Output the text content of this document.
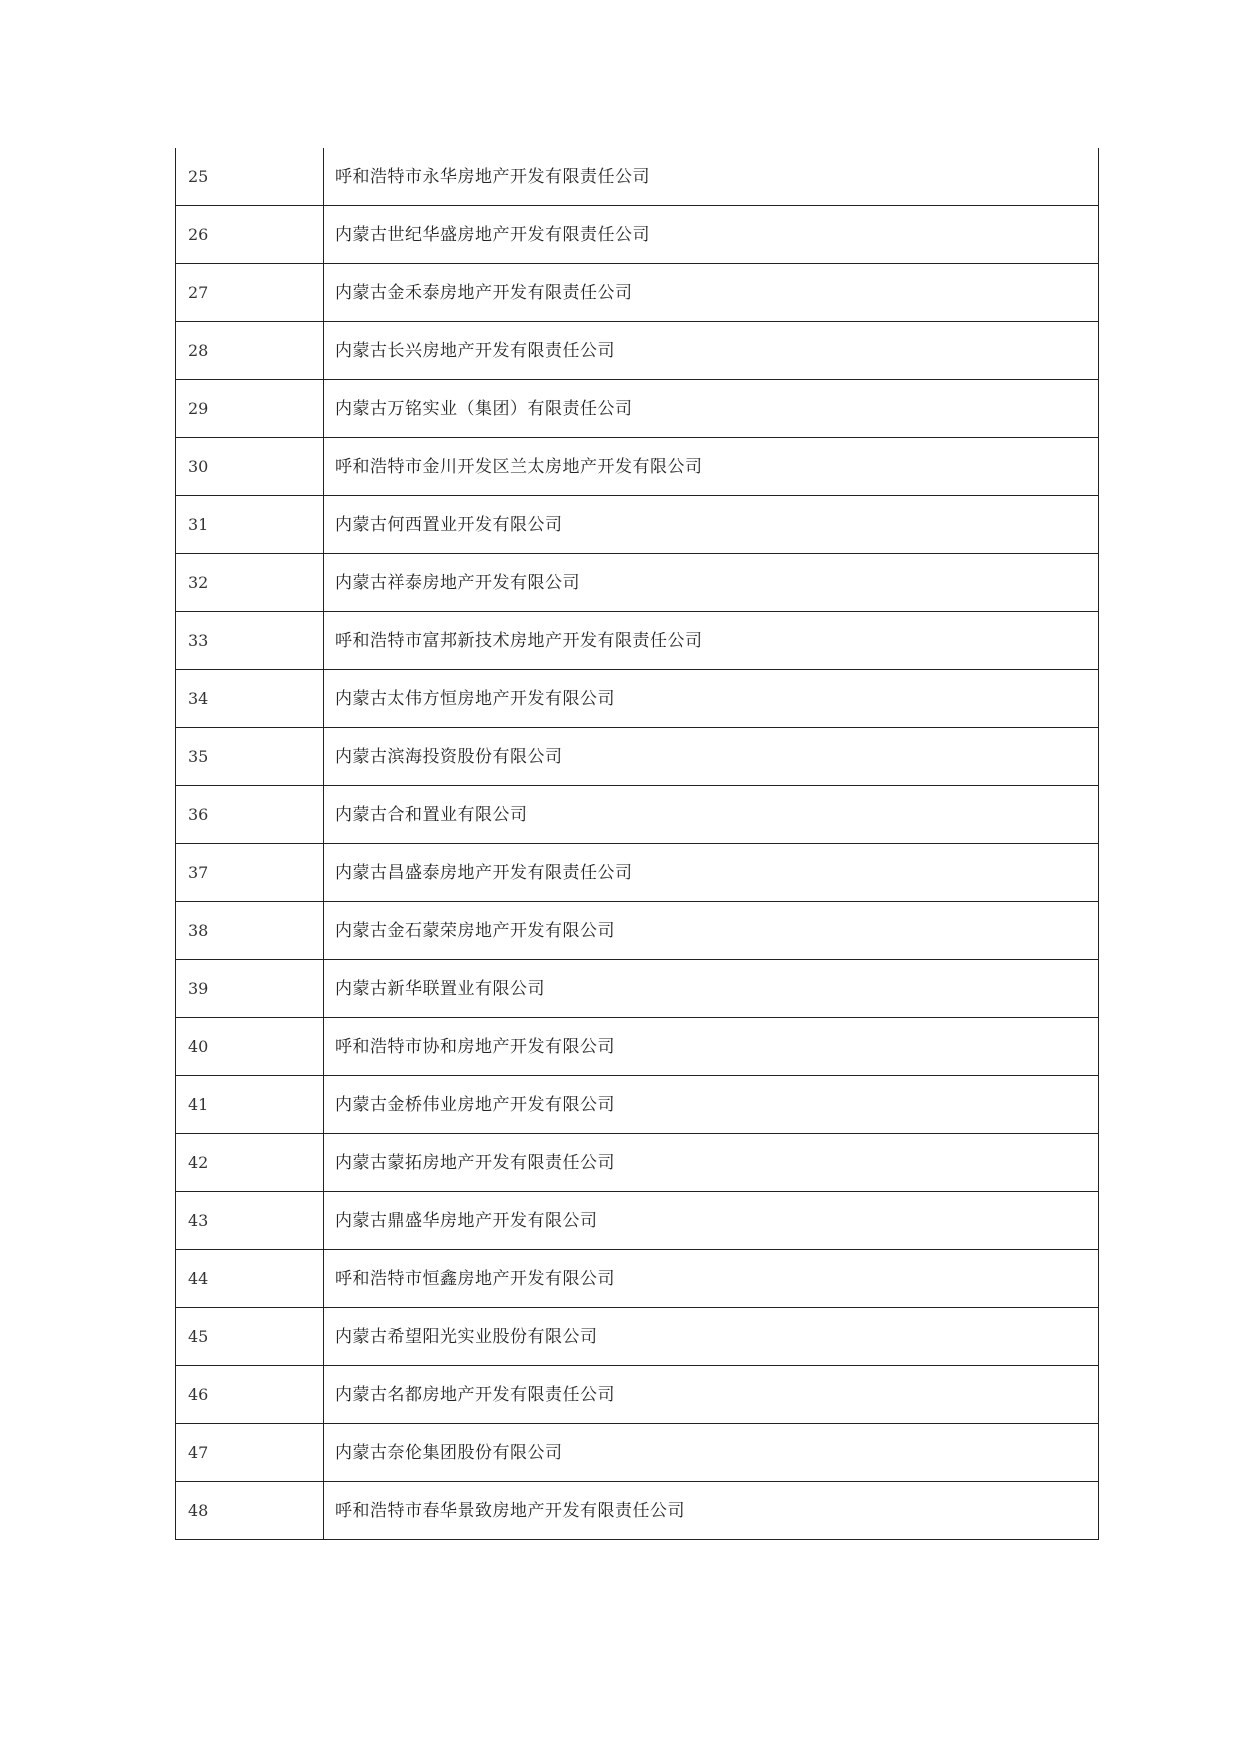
25	呼和浩特市永华房地产开发有限责任公司
26	内蒙古世纪华盛房地产开发有限责任公司
27	内蒙古金禾泰房地产开发有限责任公司
28	内蒙古长兴房地产开发有限责任公司
29	内蒙古万铭实业（集团）有限责任公司
30	呼和浩特市金川开发区兰太房地产开发有限公司
31	内蒙古何西置业开发有限公司
32	内蒙古祥泰房地产开发有限公司
33	呼和浩特市富邦新技术房地产开发有限责任公司
34	内蒙古太伟方恒房地产开发有限公司
35	内蒙古滨海投资股份有限公司
36	内蒙古合和置业有限公司
37	内蒙古昌盛泰房地产开发有限责任公司
38	内蒙古金石蒙荣房地产开发有限公司
39	内蒙古新华联置业有限公司
40	呼和浩特市协和房地产开发有限公司
41	内蒙古金桥伟业房地产开发有限公司
42	内蒙古蒙拓房地产开发有限责任公司
43	内蒙古鼎盛华房地产开发有限公司
44	呼和浩特市恒鑫房地产开发有限公司
45	内蒙古希望阳光实业股份有限公司
46	内蒙古名都房地产开发有限责任公司
47	内蒙古奈伦集团股份有限公司
48	呼和浩特市春华景致房地产开发有限责任公司
